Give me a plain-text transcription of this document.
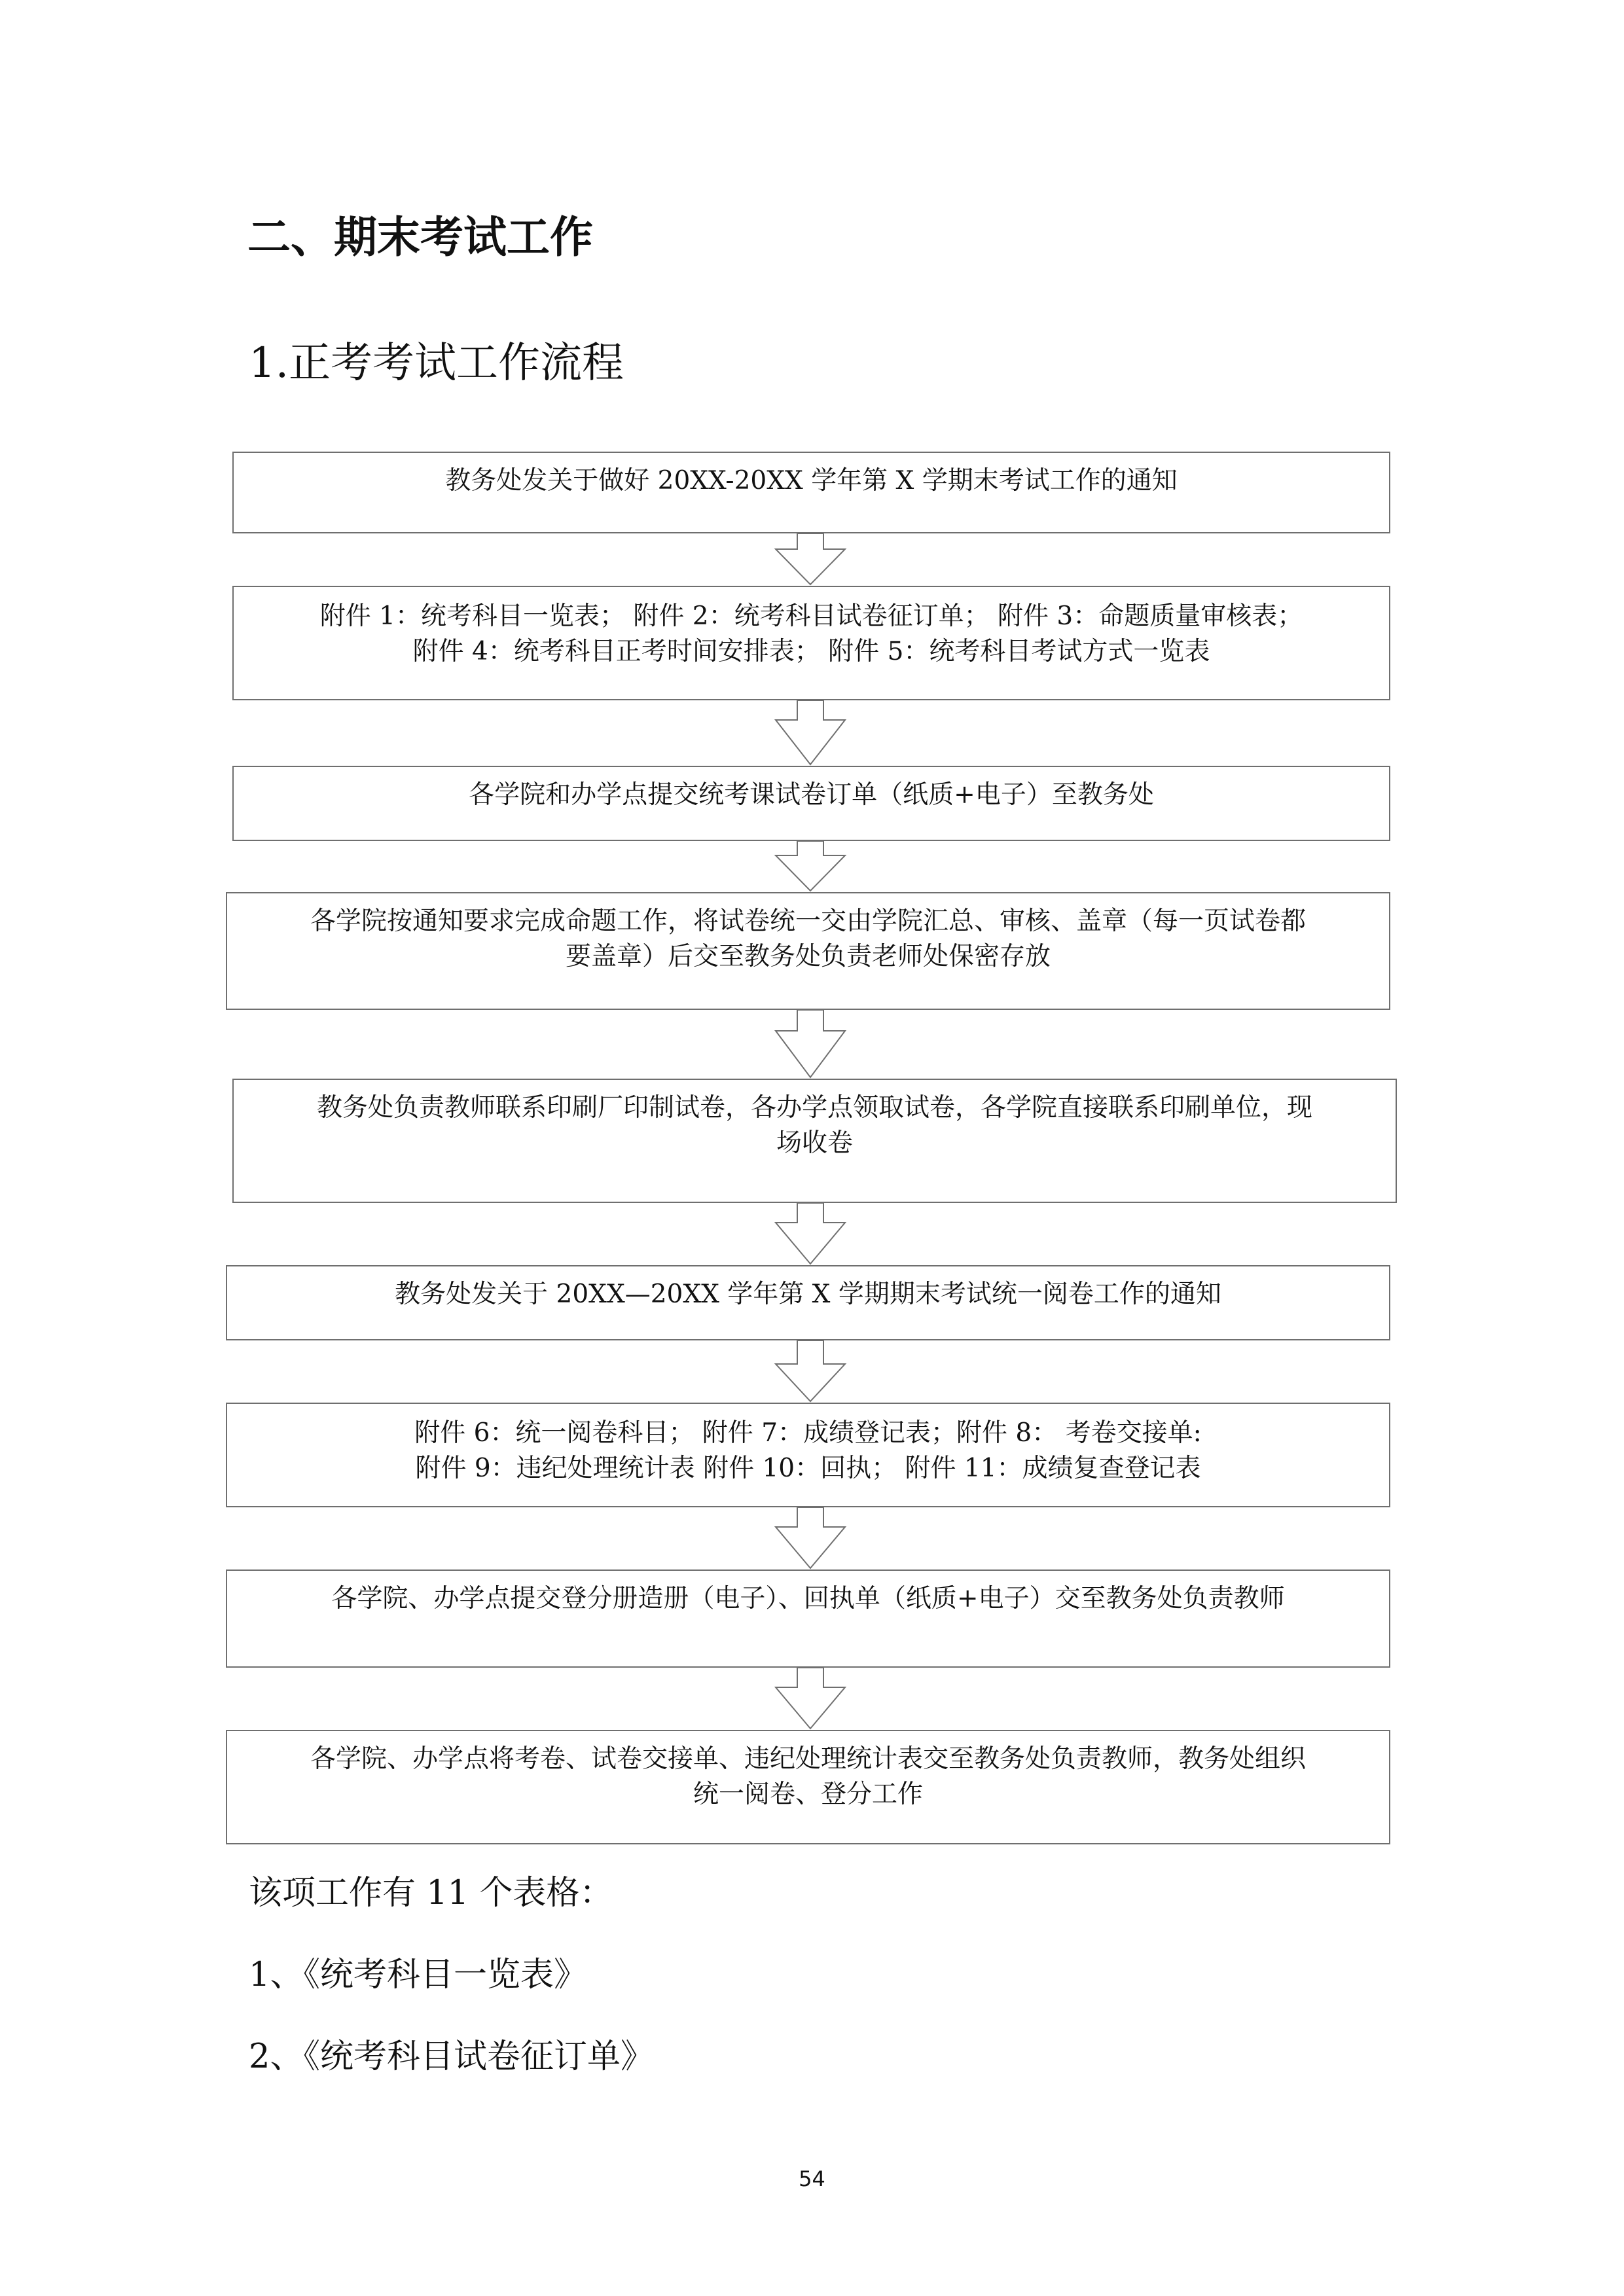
二、期末考试工作
1.正考考试工作流程
教务处发关于做好 20XX-20XX 学年第 X 学期末考试工作的通知
附件 1：统考科目一览表； 附件 2：统考科目试卷征订单； 附件 3：命题质量审核表；
附件 4：统考科目正考时间安排表； 附件 5：统考科目考试方式一览表
各学院和办学点提交统考课试卷订单（纸质+电子）至教务处
各学院按通知要求完成命题工作，将试卷统一交由学院汇总、审核、盖章（每一页试卷都
要盖章）后交至教务处负责老师处保密存放
教务处负责教师联系印刷厂印制试卷，各办学点领取试卷，各学院直接联系印刷单位，现
场收卷
教务处发关于 20XX—20XX 学年第 X 学期期末考试统一阅卷工作的通知
附件 6：统一阅卷科目； 附件 7：成绩登记表；附件 8： 考卷交接单:
附件 9：违纪处理统计表 附件 10：回执； 附件 11：成绩复查登记表
各学院、办学点提交登分册造册（电子）、回执单（纸质+电子）交至教务处负责教师
各学院、办学点将考卷、试卷交接单、违纪处理统计表交至教务处负责教师，教务处组织
统一阅卷、登分工作
该项工作有 11 个表格：
1、《统考科目一览表》
2、《统考科目试卷征订单》
54
